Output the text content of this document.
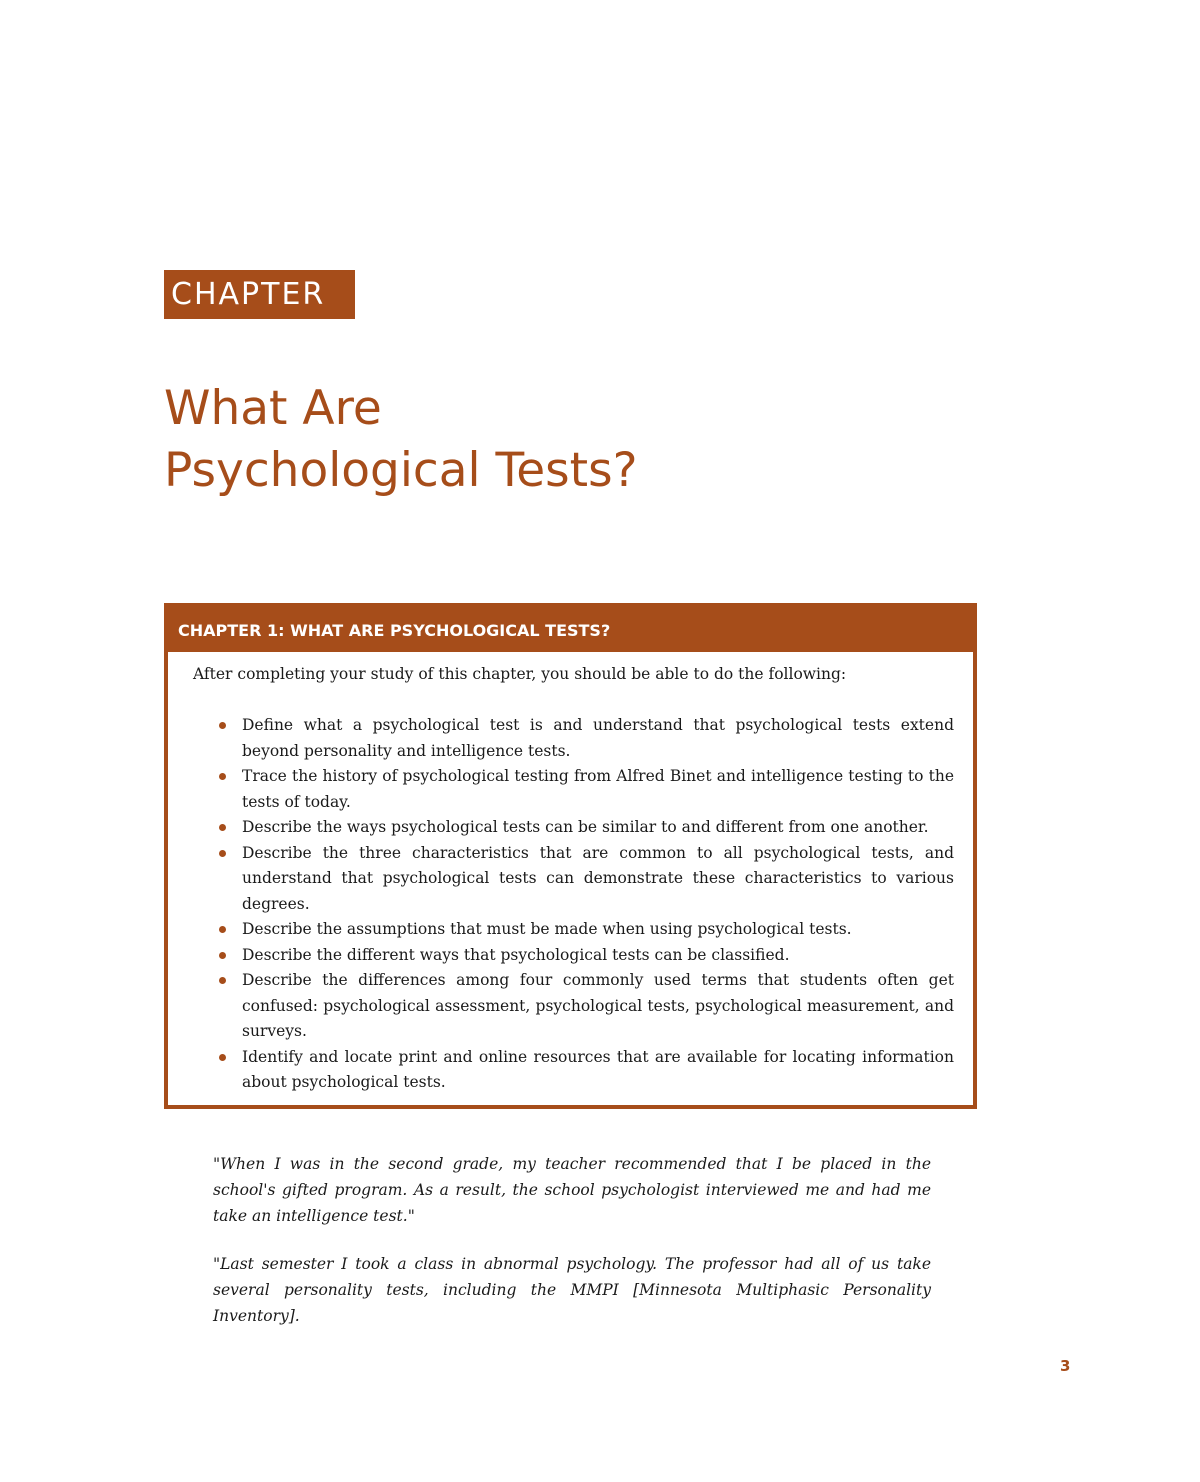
CHAPTER 1
What Are
Psychological Tests?
CHAPTER 1: WHAT ARE PSYCHOLOGICAL TESTS?

After completing your study of this chapter, you should be able to do the following:

Define what a psychological test is and understand that psychological tests extend beyond personality and intelligence tests.
Trace the history of psychological testing from Alfred Binet and intelligence testing to the tests of today.
Describe the ways psychological tests can be similar to and different from one another.
Describe the three characteristics that are common to all psychological tests, and understand that psychological tests can demonstrate these characteristics to various degrees.
Describe the assumptions that must be made when using psychological tests.
Describe the different ways that psychological tests can be classified.
Describe the differences among four commonly used terms that students often get confused: psychological assessment, psychological tests, psychological measurement, and surveys.
Identify and locate print and online resources that are available for locating information about psychological tests.

"When I was in the second grade, my teacher recommended that I be placed in the school's gifted program. As a result, the school psychologist interviewed me and had me take an intelligence test."

"Last semester I took a class in abnormal psychology. The professor had all of us take several personality tests, including the MMPI [Minnesota Multiphasic Personality Inventory].

3
